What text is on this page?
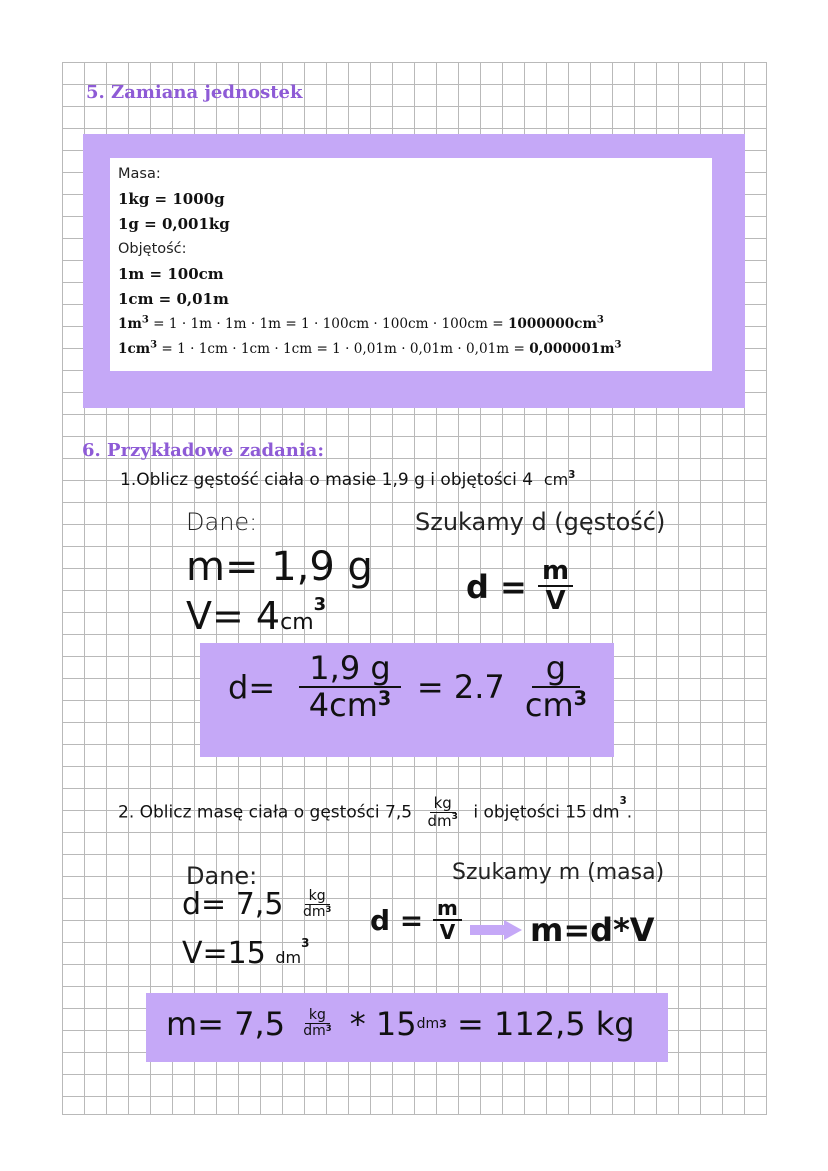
5. Zamiana jednostek
Masa:
1kg = 1000g
1g = 0,001kg
Objętość:
1m = 100cm
1cm = 0,01m
$1m^3 = 1 \cdot 1m \cdot 1m \cdot 1m = 1 \cdot 100cm \cdot 100cm \cdot 100cm = 1000000cm^3$
$1cm^3 = 1 \cdot 1cm \cdot 1cm \cdot 1cm = 1 \cdot 0,01m \cdot 0,01m \cdot 0,01m = 0,000001m^3$
6. Przykładowe zadania:
1.Oblicz gęstość ciała o masie 1,9 g i objętości 4 $cm^3$
Dane:	Szukamy d (gęstość)
m= 1,9 g
$V= 4cm^3$	$d = \frac{m}{V}$
$d= \frac{1,9 g}{4cm^3} = 2.7 \frac{g}{cm^3}$
2. Oblicz masę ciała o gęstości $7,5 \frac{kg}{dm^3}$ i objętości 15 $dm^3$.
Dane:	Szukamy m (masa)
$d= 7,5 \frac{kg}{dm^3}$
V=15 $dm^3$
$d = \frac{m}{V} m=d*V$
$m= 7,5 \frac{kg}{dm^3} * 15dm3 = 112,5$ kg
